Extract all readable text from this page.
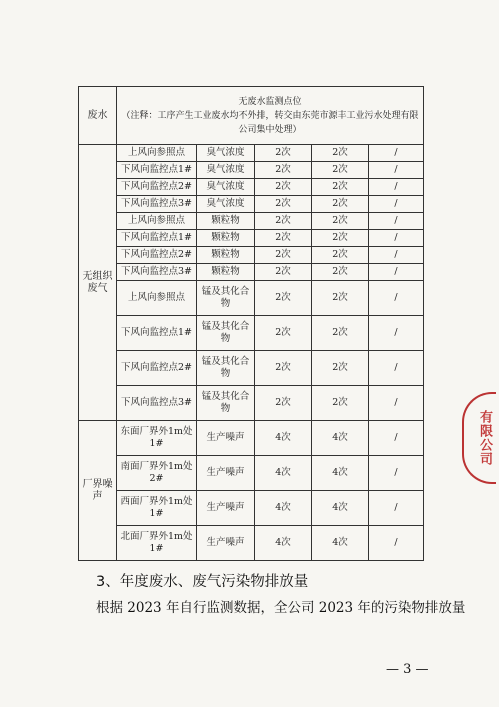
废水	无废水监测点位
（注释：工序产生工业废水均不外排，转交由东莞市源丰工业污水处理有限公司集中处理）				

无组织废气	上风向参照点	臭气浓度	2次	2次	/
	下风向监控点1#	臭气浓度	2次	2次	/
	下风向监控点2#	臭气浓度	2次	2次	/
	下风向监控点3#	臭气浓度	2次	2次	/
	上风向参照点	颗粒物	2次	2次	/
	下风向监控点1#	颗粒物	2次	2次	/
	下风向监控点2#	颗粒物	2次	2次	/
	下风向监控点3#	颗粒物	2次	2次	/
	上风向参照点	锰及其化合物	2次	2次	/
	下风向监控点1#	锰及其化合物	2次	2次	/
	下风向监控点2#	锰及其化合物	2次	2次	/
	下风向监控点3#	锰及其化合物	2次	2次	/
厂界噪声	东面厂界外1m处1#	生产噪声	4次	4次	/
	南面厂界外1m处2#	生产噪声	4次	4次	/
	西面厂界外1m处1#	生产噪声	4次	4次	/
	北面厂界外1m处1#	生产噪声	4次	4次	/
有限公司
3、年度废水、废气污染物排放量
根据 2023 年自行监测数据，全公司 2023 年的污染物排放量
— 3 —
